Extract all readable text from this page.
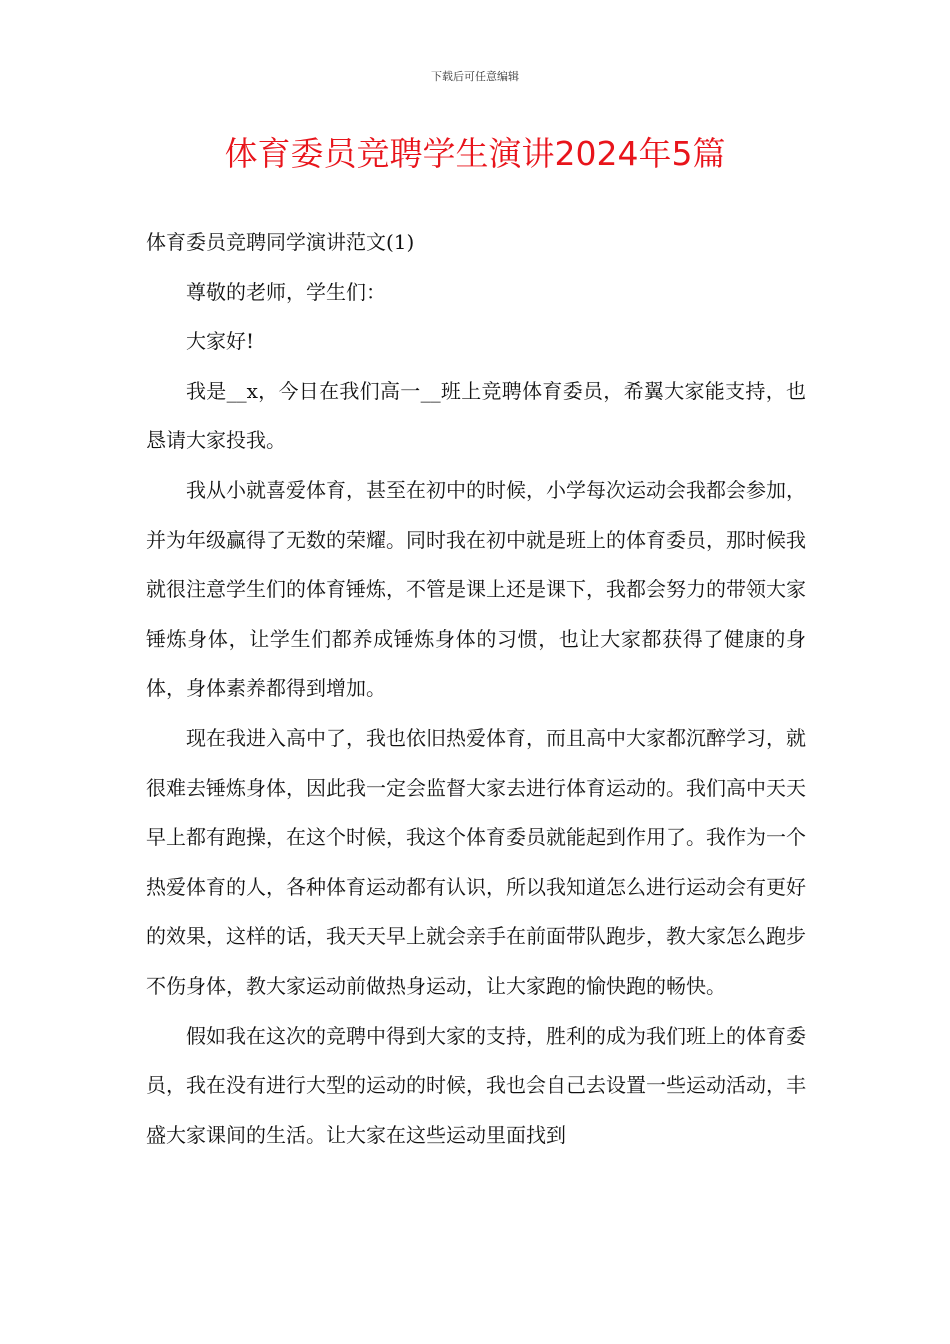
下载后可任意编辑
体育委员竞聘学生演讲2024年5篇

体育委员竞聘同学演讲范文(1)

尊敬的老师，学生们：

大家好!

我是__x，今日在我们高一__班上竞聘体育委员，希翼大家能支持，也恳请大家投我。

我从小就喜爱体育，甚至在初中的时候，小学每次运动会我都会参加，并为年级赢得了无数的荣耀。同时我在初中就是班上的体育委员，那时候我就很注意学生们的体育锤炼，不管是课上还是课下，我都会努力的带领大家锤炼身体，让学生们都养成锤炼身体的习惯，也让大家都获得了健康的身体，身体素养都得到增加。

现在我进入高中了，我也依旧热爱体育，而且高中大家都沉醉学习，就很难去锤炼身体，因此我一定会监督大家去进行体育运动的。我们高中天天早上都有跑操，在这个时候，我这个体育委员就能起到作用了。我作为一个热爱体育的人，各种体育运动都有认识，所以我知道怎么进行运动会有更好的效果，这样的话，我天天早上就会亲手在前面带队跑步，教大家怎么跑步不伤身体，教大家运动前做热身运动，让大家跑的愉快跑的畅快。

假如我在这次的竞聘中得到大家的支持，胜利的成为我们班上的体育委员，我在没有进行大型的运动的时候，我也会自己去设置一些运动活动，丰盛大家课间的生活。让大家在这些运动里面找到
